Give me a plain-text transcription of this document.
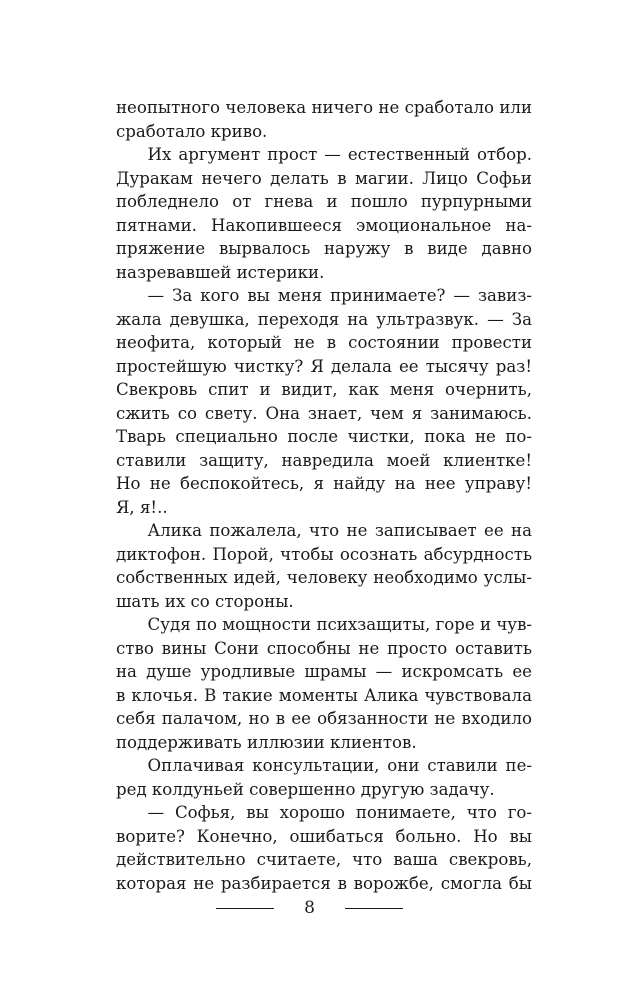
неопытного человека ничего не сработало или
сработало криво.
Их аргумент прост — естественный отбор.
Дуракам нечего делать в магии. Лицо Софьи
побледнело от гнева и пошло пурпурными
пятнами. Накопившееся эмоциональное на-
пряжение вырвалось наружу в виде давно
назревавшей истерики.
— За кого вы меня принимаете? — завиз-
жала девушка, переходя на ультразвук. — За
неофита, который не в состоянии провести
простейшую чистку? Я делала ее тысячу раз!
Свекровь спит и видит, как меня очернить,
сжить со свету. Она знает, чем я занимаюсь.
Тварь специально после чистки, пока не по-
ставили защиту, навредила моей клиентке!
Но не беспокойтесь, я найду на нее управу!
Я, я!..
Алика пожалела, что не записывает ее на
диктофон. Порой, чтобы осознать абсурдность
собственных идей, человеку необходимо услы-
шать их со стороны.
Судя по мощности психзащиты, горе и чув-
ство вины Сони способны не просто оставить
на душе уродливые шрамы — искромсать ее
в клочья. В такие моменты Алика чувствовала
себя палачом, но в ее обязанности не входило
поддерживать иллюзии клиентов.
Оплачивая консультации, они ставили пе-
ред колдуньей совершенно другую задачу.
— Софья, вы хорошо понимаете, что го-
ворите? Конечно, ошибаться больно. Но вы
действительно считаете, что ваша свекровь,
которая не разбирается в ворожбе, смогла бы
8
